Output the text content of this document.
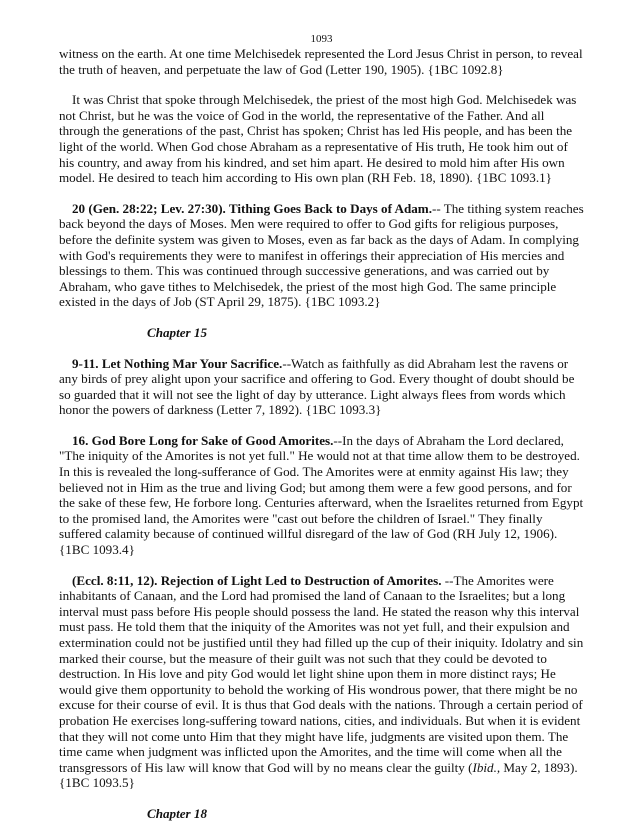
1093

witness on the earth. At one time Melchisedek represented the Lord Jesus Christ in person, to reveal the truth of heaven, and perpetuate the law of God (Letter 190, 1905). {1BC 1092.8}

It was Christ that spoke through Melchisedek, the priest of the most high God. Melchisedek was not Christ, but he was the voice of God in the world, the representative of the Father. And all through the generations of the past, Christ has spoken; Christ has led His people, and has been the light of the world. When God chose Abraham as a representative of His truth, He took him out of his country, and away from his kindred, and set him apart. He desired to mold him after His own model. He desired to teach him according to His own plan (RH Feb. 18, 1890). {1BC 1093.1}

20 (Gen. 28:22; Lev. 27:30). Tithing Goes Back to Days of Adam.-- The tithing system reaches back beyond the days of Moses. Men were required to offer to God gifts for religious purposes, before the definite system was given to Moses, even as far back as the days of Adam. In complying with God's requirements they were to manifest in offerings their appreciation of His mercies and blessings to them. This was continued through successive generations, and was carried out by Abraham, who gave tithes to Melchisedek, the priest of the most high God. The same principle existed in the days of Job (ST April 29, 1875). {1BC 1093.2}

Chapter 15

9-11. Let Nothing Mar Your Sacrifice.--Watch as faithfully as did Abraham lest the ravens or any birds of prey alight upon your sacrifice and offering to God. Every thought of doubt should be so guarded that it will not see the light of day by utterance. Light always flees from words which honor the powers of darkness (Letter 7, 1892). {1BC 1093.3}

16. God Bore Long for Sake of Good Amorites.--In the days of Abraham the Lord declared, "The iniquity of the Amorites is not yet full." He would not at that time allow them to be destroyed. In this is revealed the long-sufferance of God. The Amorites were at enmity against His law; they believed not in Him as the true and living God; but among them were a few good persons, and for the sake of these few, He forbore long. Centuries afterward, when the Israelites returned from Egypt to the promised land, the Amorites were "cast out before the children of Israel." They finally suffered calamity because of continued willful disregard of the law of God (RH July 12, 1906). {1BC 1093.4}

(Eccl. 8:11, 12). Rejection of Light Led to Destruction of Amorites. --The Amorites were inhabitants of Canaan, and the Lord had promised the land of Canaan to the Israelites; but a long interval must pass before His people should possess the land. He stated the reason why this interval must pass. He told them that the iniquity of the Amorites was not yet full, and their expulsion and extermination could not be justified until they had filled up the cup of their iniquity. Idolatry and sin marked their course, but the measure of their guilt was not such that they could be devoted to destruction. In His love and pity God would let light shine upon them in more distinct rays; He would give them opportunity to behold the working of His wondrous power, that there might be no excuse for their course of evil. It is thus that God deals with the nations. Through a certain period of probation He exercises long-suffering toward nations, cities, and individuals. But when it is evident that they will not come unto Him that they might have life, judgments are visited upon them. The time came when judgment was inflicted upon the Amorites, and the time will come when all the transgressors of His law will know that God will by no means clear the guilty (Ibid., May 2, 1893). {1BC 1093.5}

Chapter 18
